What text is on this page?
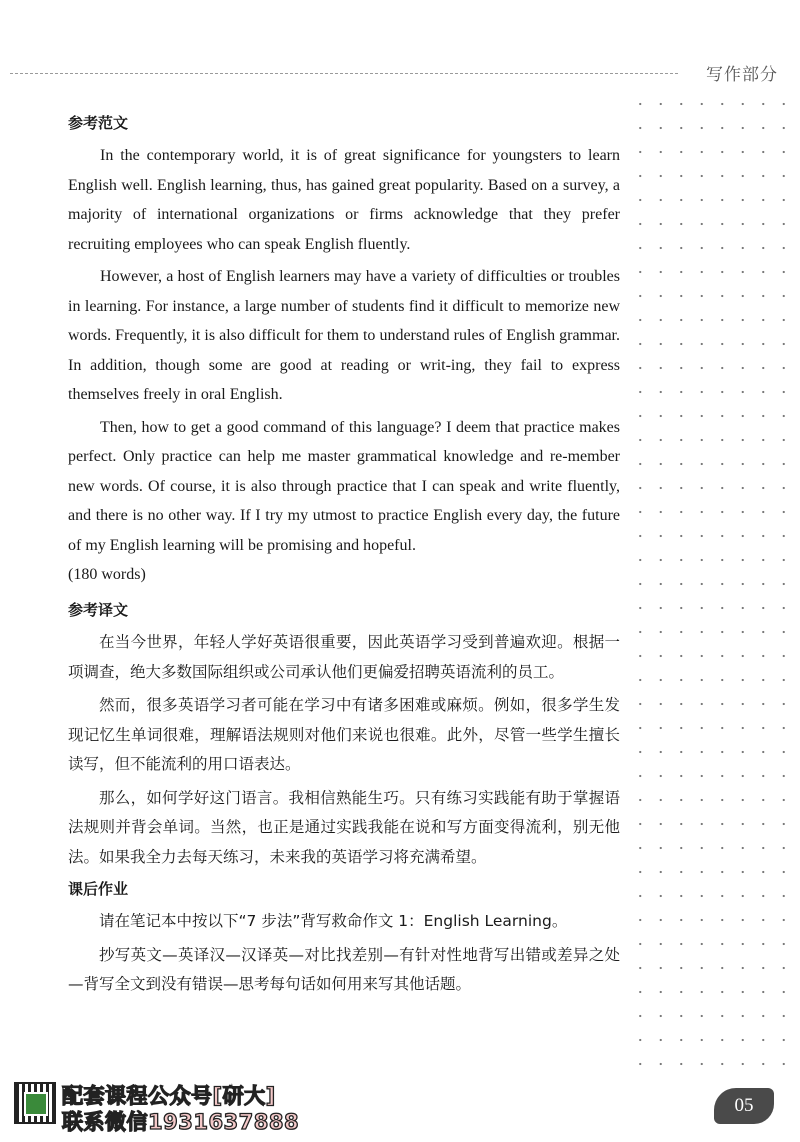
写作部分
参考范文

In the contemporary world, it is of great significance for youngsters to learn English well. English learning, thus, has gained great popularity. Based on a survey, a majority of international organizations or firms acknowledge that they prefer recruiting employees who can speak English fluently.

However, a host of English learners may have a variety of difficulties or troubles in learning. For instance, a large number of students find it difficult to memorize new words. Frequently, it is also difficult for them to understand rules of English grammar. In addition, though some are good at reading or writ-ing, they fail to express themselves freely in oral English.

Then, how to get a good command of this language? I deem that practice makes perfect. Only practice can help me master grammatical knowledge and re-member new words. Of course, it is also through practice that I can speak and write fluently, and there is no other way. If I try my utmost to practice English every day, the future of my English learning will be promising and hopeful.

(180 words)
参考译文

在当今世界，年轻人学好英语很重要，因此英语学习受到普遍欢迎。根据一项调查，绝大多数国际组织或公司承认他们更偏爱招聘英语流利的员工。

然而，很多英语学习者可能在学习中有诸多困难或麻烦。例如，很多学生发现记忆生单词很难，理解语法规则对他们来说也很难。此外，尽管一些学生擅长读写，但不能流利的用口语表达。

那么，如何学好这门语言。我相信熟能生巧。只有练习实践能有助于掌握语法规则并背会单词。当然，也正是通过实践我能在说和写方面变得流利，别无他法。如果我全力去每天练习，未来我的英语学习将充满希望。

课后作业

请在笔记本中按以下“7 步法”背写救命作文 1：English Learning。

抄写英文—英译汉—汉译英—对比找差别—有针对性地背写出错或差异之处—背写全文到没有错误—思考每句话如何用来写其他话题。

配套课程公众号[研大]
联系微信1931637888
05
